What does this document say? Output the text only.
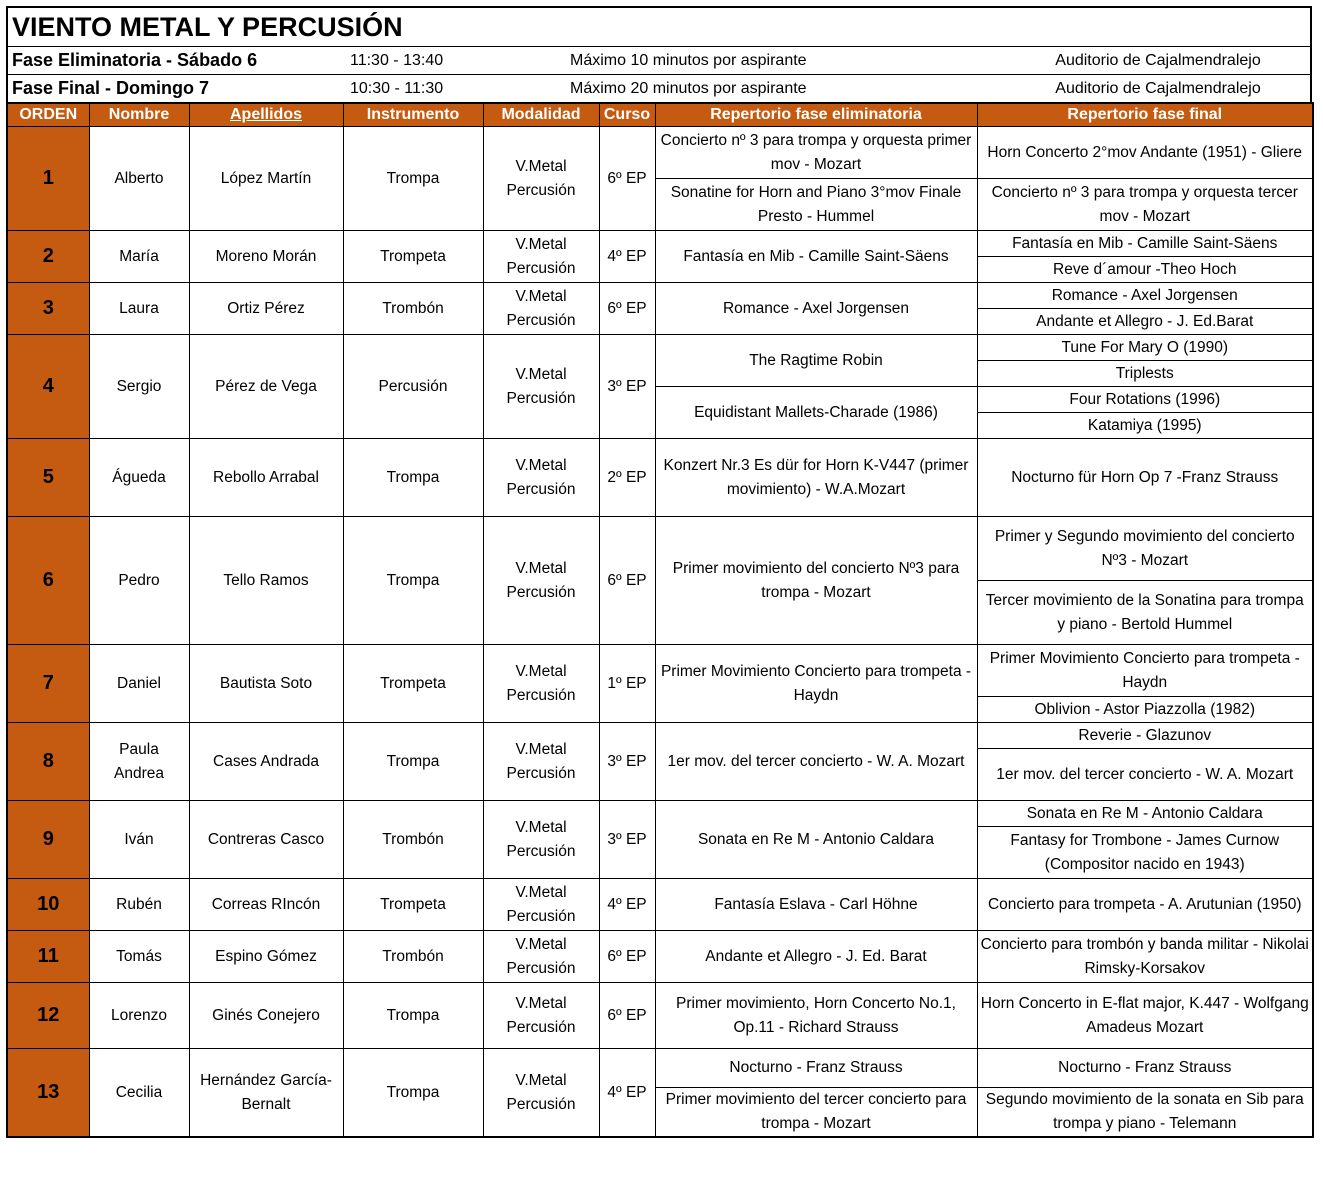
VIENTO METAL Y PERCUSIÓN
Fase Eliminatoria - Sábado 6	11:30 - 13:40	Máximo 10 minutos por aspirante	Auditorio de Cajalmendralejo
Fase Final - Domingo 7	10:30 - 11:30	Máximo 20 minutos por aspirante	Auditorio de Cajalmendralejo
ORDEN	Nombre	Apellidos	Instrumento	Modalidad	Curso	Repertorio fase eliminatoria	Repertorio fase final
1	Alberto	López Martín	Trompa	V.Metal Percusión	6º EP	Concierto nº 3 para trompa y orquesta primer mov - Mozart	Horn Concerto 2°mov Andante (1951) - Gliere
						Sonatine for Horn and Piano 3°mov Finale Presto - Hummel	Concierto nº 3 para trompa y orquesta tercer mov - Mozart
2	María	Moreno Morán	Trompeta	V.Metal Percusión	4º EP	Fantasía en Mib - Camille Saint-Säens	Fantasía en Mib - Camille Saint-Säens
							Reve d´amour -Theo Hoch
3	Laura	Ortiz Pérez	Trombón	V.Metal Percusión	6º EP	Romance - Axel Jorgensen	Romance - Axel Jorgensen
							Andante et Allegro - J. Ed.Barat
4	Sergio	Pérez de Vega	Percusión	V.Metal Percusión	3º EP	The Ragtime Robin	Tune For Mary O (1990)
							Triplests
						Equidistant Mallets-Charade (1986)	Four Rotations (1996)
							Katamiya (1995)
5	Águeda	Rebollo Arrabal	Trompa	V.Metal Percusión	2º EP	Konzert Nr.3 Es dür for Horn K-V447 (primer movimiento) - W.A.Mozart	Nocturno für Horn Op 7 -Franz Strauss
6	Pedro	Tello Ramos	Trompa	V.Metal Percusión	6º EP	Primer movimiento del concierto Nº3 para trompa - Mozart	Primer y Segundo movimiento del concierto Nº3 - Mozart
							Tercer movimiento de la Sonatina para trompa y piano - Bertold Hummel
7	Daniel	Bautista Soto	Trompeta	V.Metal Percusión	1º EP	Primer Movimiento Concierto para trompeta - Haydn	Primer Movimiento Concierto para trompeta - Haydn

							Oblivion - Astor Piazzolla (1982)

8	Paula Andrea	Cases Andrada	Trompa	V.Metal Percusión	3º EP	1er mov. del tercer concierto - W. A. Mozart	Reverie - Glazunov

							1er mov. del tercer concierto - W. A. Mozart

9	Iván	Contreras Casco	Trombón	V.Metal Percusión	3º EP	Sonata en Re M - Antonio Caldara	Sonata en Re M - Antonio Caldara

							Fantasy for Trombone - James Curnow (Compositor nacido en 1943)

10	Rubén	Correas RIncón	Trompeta	V.Metal Percusión	4º EP	Fantasía Eslava - Carl Höhne	Concierto para trompeta - A. Arutunian (1950)
11	Tomás	Espino Gómez	Trombón	V.Metal Percusión	6º EP	Andante et Allegro - J. Ed. Barat	Concierto para trombón y banda militar - Nikolai Rimsky-Korsakov
12	Lorenzo	Ginés Conejero	Trompa	V.Metal Percusión	6º EP	Primer movimiento, Horn Concerto No.1, Op.11 - Richard Strauss	Horn Concerto in E-flat major, K.447 - Wolfgang Amadeus Mozart
13	Cecilia	Hernández García-Bernalt	Trompa	V.Metal Percusión	4º EP	Nocturno - Franz Strauss	Nocturno - Franz Strauss
						Primer movimiento del tercer concierto para trompa - Mozart	Segundo movimiento de la sonata en Sib para trompa y piano - Telemann
